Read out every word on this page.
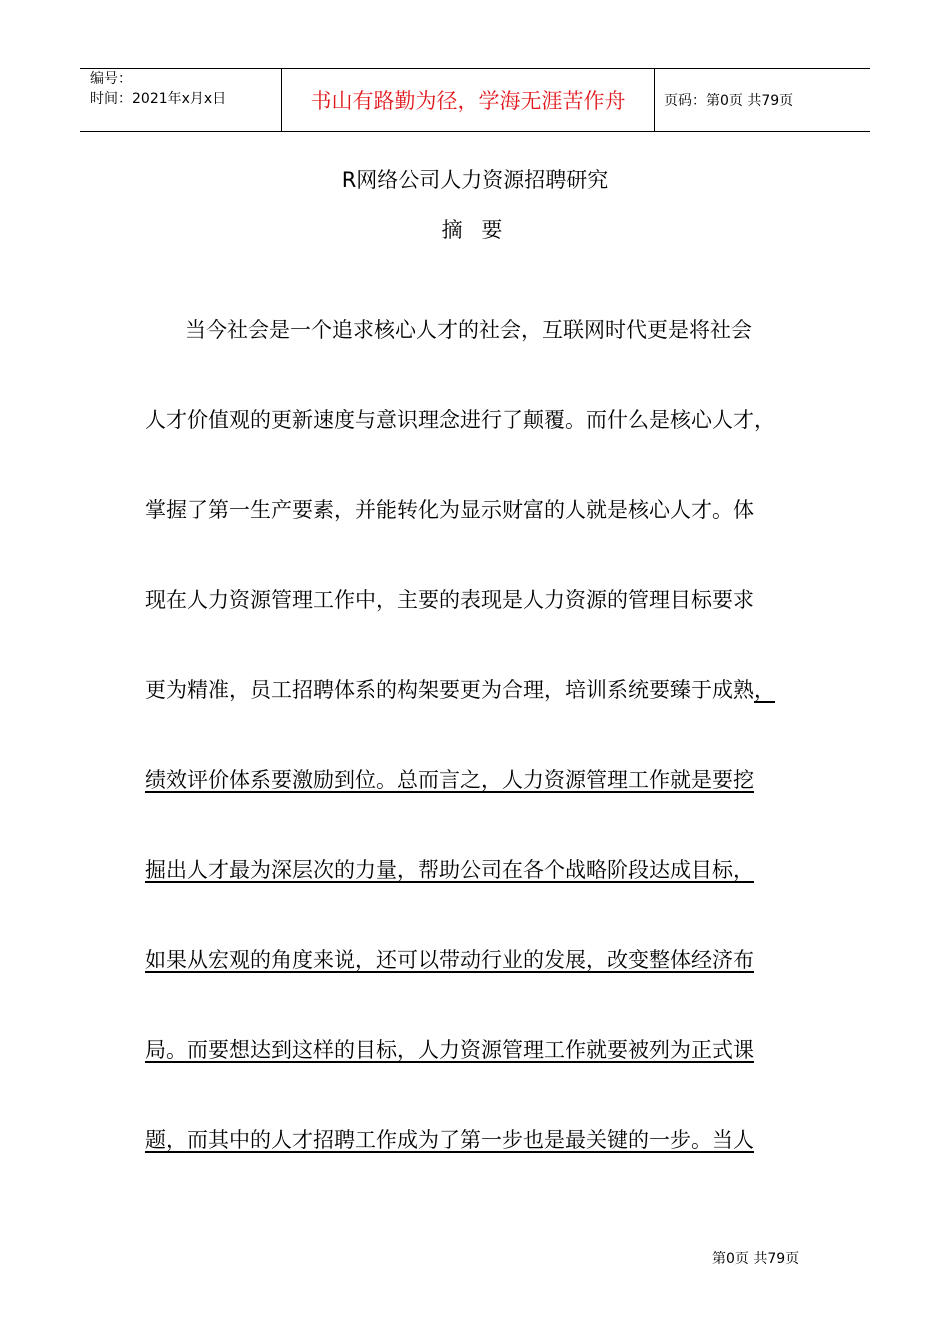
编号：
时间：2021年x月x日	书山有路勤为径，学海无涯苦作舟	页码：第0页 共79页
R网络公司人力资源招聘研究
摘 要
当今社会是一个追求核心人才的社会，互联网时代更是将社会
人才价值观的更新速度与意识理念进行了颠覆。而什么是核心人才，
掌握了第一生产要素，并能转化为显示财富的人就是核心人才。体
现在人力资源管理工作中，主要的表现是人力资源的管理目标要求
更为精准，员工招聘体系的构架要更为合理，培训系统要臻于成熟，
绩效评价体系要激励到位。总而言之，人力资源管理工作就是要挖
掘出人才最为深层次的力量，帮助公司在各个战略阶段达成目标，
如果从宏观的角度来说，还可以带动行业的发展，改变整体经济布
局。而要想达到这样的目标，人力资源管理工作就要被列为正式课
题，而其中的人才招聘工作成为了第一步也是最关键的一步。当人
第0页 共79页
